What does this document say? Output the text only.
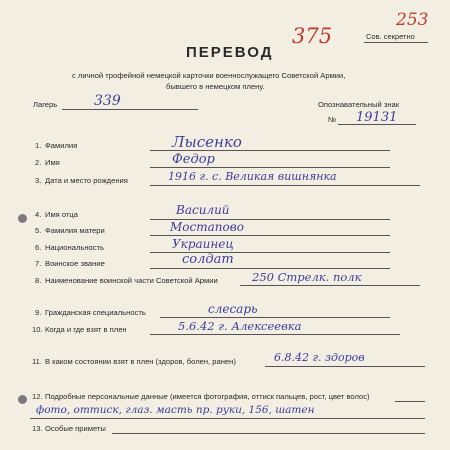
253
Сов. секретно
ПЕРЕВОД
375
с личной трофейной немецкой карточки военнослужащего Советской Армии,
бывшего в немецком плену.
Лагерь	339	Опознавательный знак
№ 19131
1. Фамилия	Лысенко
2. Имя	Федор
3. Дата и место рождения	1916 г. с. Великая вишнянка
4. Имя отца	Василий
5. Фамилия матери	Мостаповo
6. Национальность	Украинец
7. Воинское звание	солдат
8. Наименование воинской части Советской Армии	250 Стрелк. полк
9. Гражданская специальность	слесарь
10. Когда и где взят в плен	5.6.42 г. Алексеевка
11. В каком состоянии взят в плен (здоров, болен, ранен)	6.8.42 г. здоров
12. Подробные персональные данные (имеется фотография, оттиск пальцев, рост, цвет волос)
фото, оттиск, глаз. масть пр. руки, 156, шатен
13. Особые приметы
